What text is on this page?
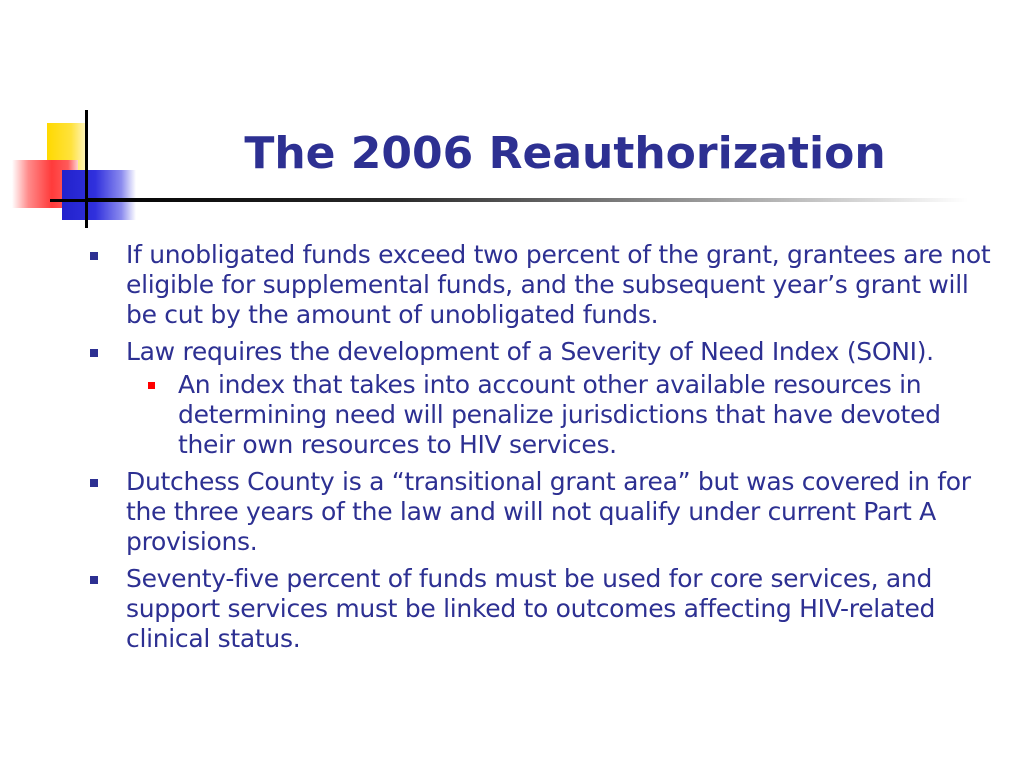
The 2006 Reauthorization
If unobligated funds exceed two percent of the grant, grantees are not eligible for supplemental funds, and the subsequent year’s grant will be cut by the amount of unobligated funds.
Law requires the development of a Severity of Need Index (SONI).
An index that takes into account other available resources in determining need will penalize jurisdictions that have devoted their own resources to HIV services.
Dutchess County is a “transitional grant area” but was covered in for the three years of the law and will not qualify under current Part A provisions.
Seventy-five percent of funds must be used for core services, and support services must be linked to outcomes affecting HIV-related clinical status.
